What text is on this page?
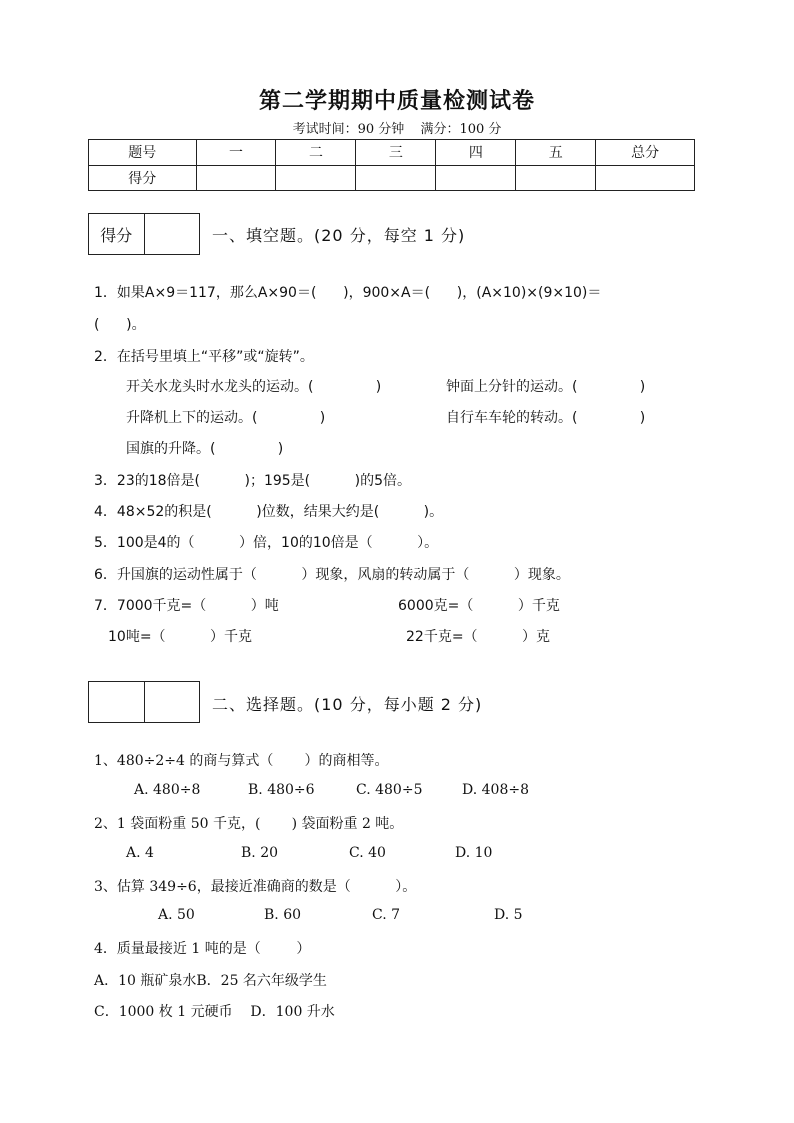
第二学期期中质量检测试卷
考试时间：90 分钟 满分：100 分
题号	一	二	三	四	五	总分
得分						
得分	一、填空题。(20 分，每空 1 分)
1．如果A×9＝117，那么A×90＝(      )，900×A＝(      )，(A×10)×(9×10)＝
(      )。
2．在括号里填上“平移”或“旋转”。
开关水龙头时水龙头的运动。(              )	钟面上分针的运动。(              )
升降机上下的运动。(              )	自行车车轮的转动。(              )
国旗的升降。(              )
3．23的18倍是(          )；195是(          )的5倍。
4．48×52的积是(          )位数，结果大约是(          )。
5．100是4的（          ）倍，10的10倍是（          ）。
6．升国旗的运动性属于（          ）现象，风扇的转动属于（          ）现象。
7．7000千克=（          ）吨	6000克=（          ）千克
10吨=（          ）千克	22千克=（          ）克
二、选择题。(10 分，每小题 2 分)
1、480÷2÷4 的商与算式（       ）的商相等。
A. 480÷8	B. 480÷6	C. 480÷5	D. 408÷8
2、1 袋面粉重 50 千克，(       ) 袋面粉重 2 吨。
A. 4	B. 20	C. 40	D. 10
3、估算 349÷6，最接近准确商的数是（          ）。
A. 50	B. 60	C. 7	D. 5
4．质量最接近 1 吨的是（        ）
A．10 瓶矿泉水B．25 名六年级学生
C．1000 枚 1 元硬币    D．100 升水
